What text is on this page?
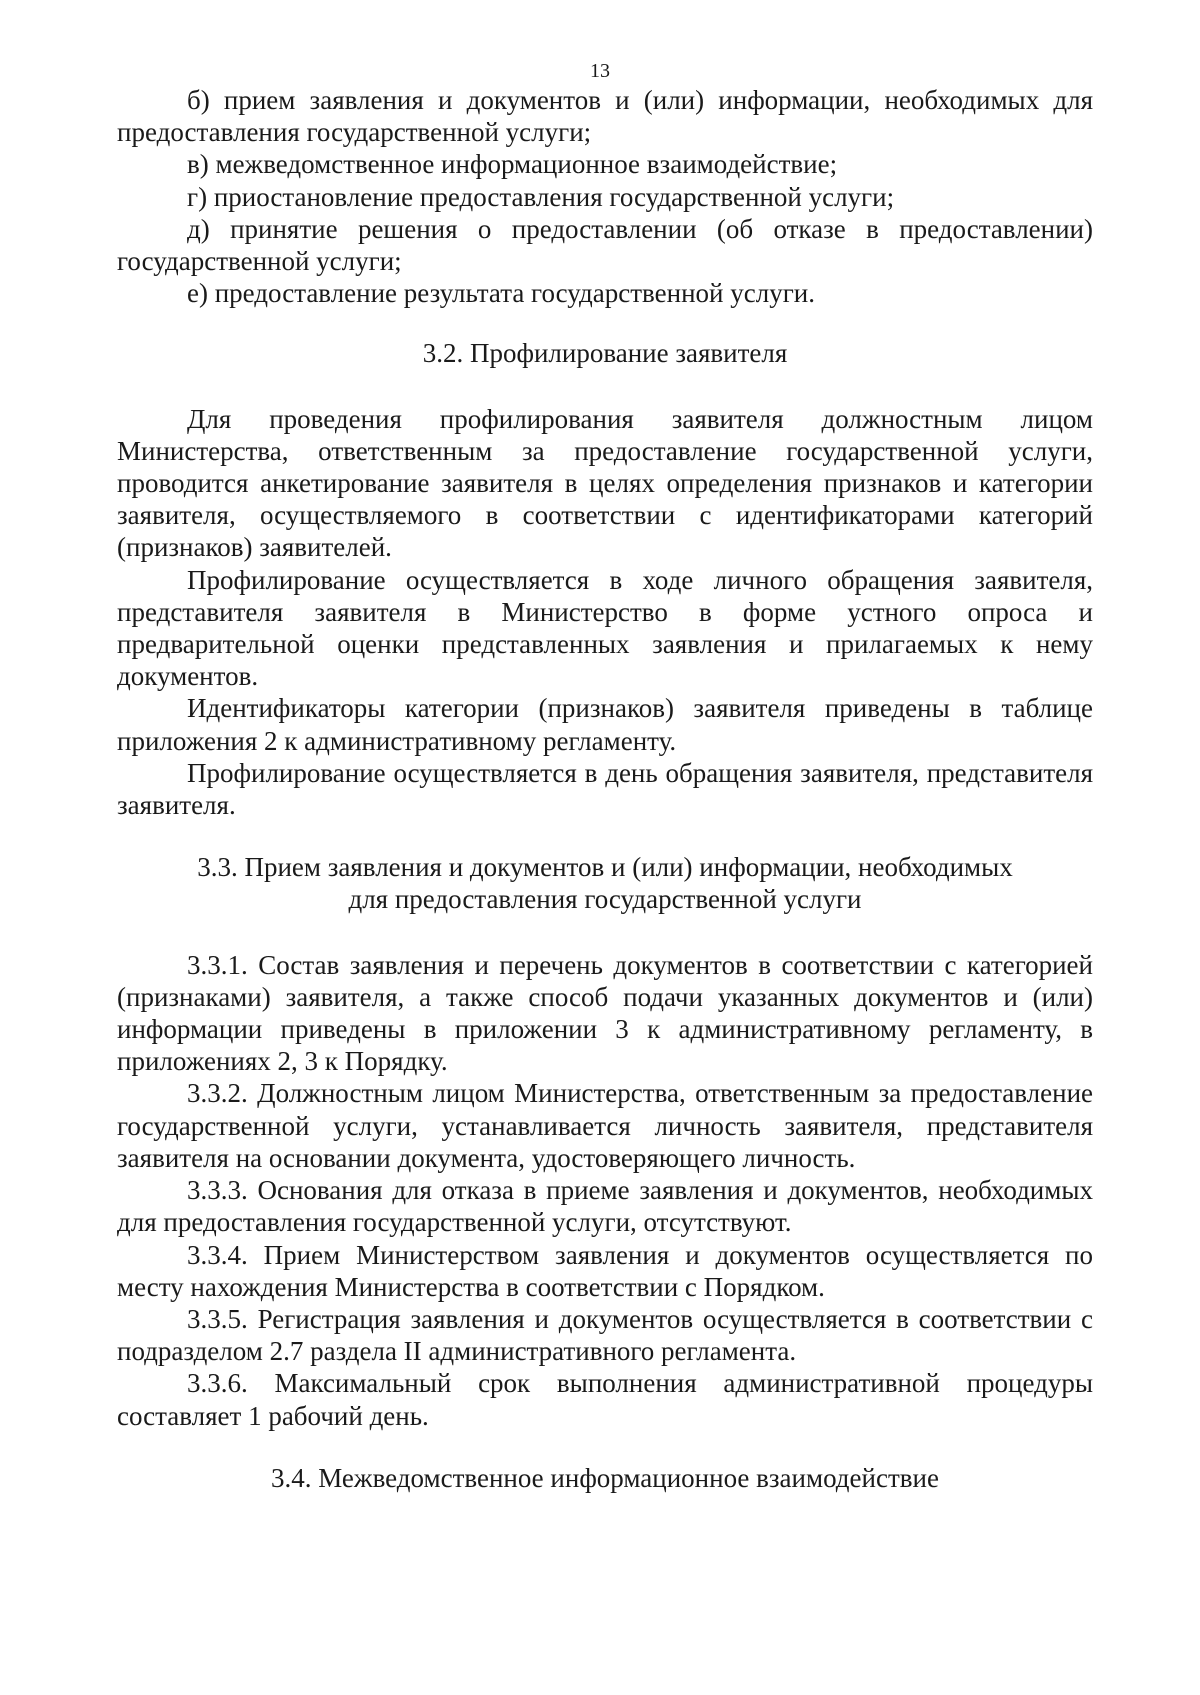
13

б) прием заявления и документов и (или) информации, необходимых для предоставления государственной услуги;

в) межведомственное информационное взаимодействие;

г) приостановление предоставления государственной услуги;

д) принятие решения о предоставлении (об отказе в предоставлении) государственной услуги;

е) предоставление результата государственной услуги.

3.2. Профилирование заявителя

Для проведения профилирования заявителя должностным лицом Министерства, ответственным за предоставление государственной услуги, проводится анкетирование заявителя в целях определения признаков и категории заявителя, осуществляемого в соответствии с идентификаторами категорий (признаков) заявителей.

Профилирование осуществляется в ходе личного обращения заявителя, представителя заявителя в Министерство в форме устного опроса и предварительной оценки представленных заявления и прилагаемых к нему документов.

Идентификаторы категории (признаков) заявителя приведены в таблице приложения 2 к административному регламенту.

Профилирование осуществляется в день обращения заявителя, представителя заявителя.

3.3. Прием заявления и документов и (или) информации, необходимых для предоставления государственной услуги

3.3.1. Состав заявления и перечень документов в соответствии с категорией (признаками) заявителя, а также способ подачи указанных документов и (или) информации приведены в приложении 3 к административному регламенту, в приложениях 2, 3 к Порядку.

3.3.2. Должностным лицом Министерства, ответственным за предоставление государственной услуги, устанавливается личность заявителя, представителя заявителя на основании документа, удостоверяющего личность.

3.3.3. Основания для отказа в приеме заявления и документов, необходимых для предоставления государственной услуги, отсутствуют.

3.3.4. Прием Министерством заявления и документов осуществляется по месту нахождения Министерства в соответствии с Порядком.

3.3.5. Регистрация заявления и документов осуществляется в соответствии с подразделом 2.7 раздела II административного регламента.

3.3.6. Максимальный срок выполнения административной процедуры составляет 1 рабочий день.

3.4. Межведомственное информационное взаимодействие
